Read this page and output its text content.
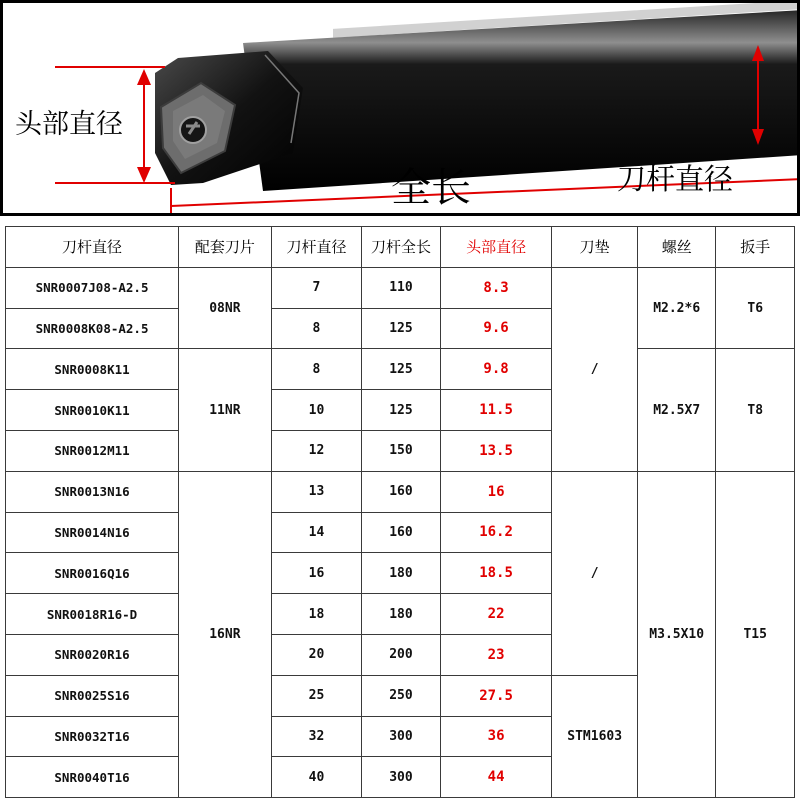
头部直径
全长	刀杆直径
刀杆直径	配套刀片	刀杆直径	刀杆全长	头部直径	刀垫	螺丝	扳手
SNR0007J08-A2.5	08NR	7	110	8.3	/	M2.2*6	T6
SNR0008K08-A2.5		8	125	9.6			
SNR0008K11	11NR	8	125	9.8		M2.5X7	T8
SNR0010K11		10	125	11.5			
SNR0012M11		12	150	13.5			
SNR0013N16	16NR	13	160	16	/	M3.5X10	T15
SNR0014N16		14	160	16.2			
SNR0016Q16		16	180	18.5			
SNR0018R16-D		18	180	22			
SNR0020R16		20	200	23			
SNR0025S16		25	250	27.5	STM1603		
SNR0032T16		32	300	36			
SNR0040T16		40	300	44			
